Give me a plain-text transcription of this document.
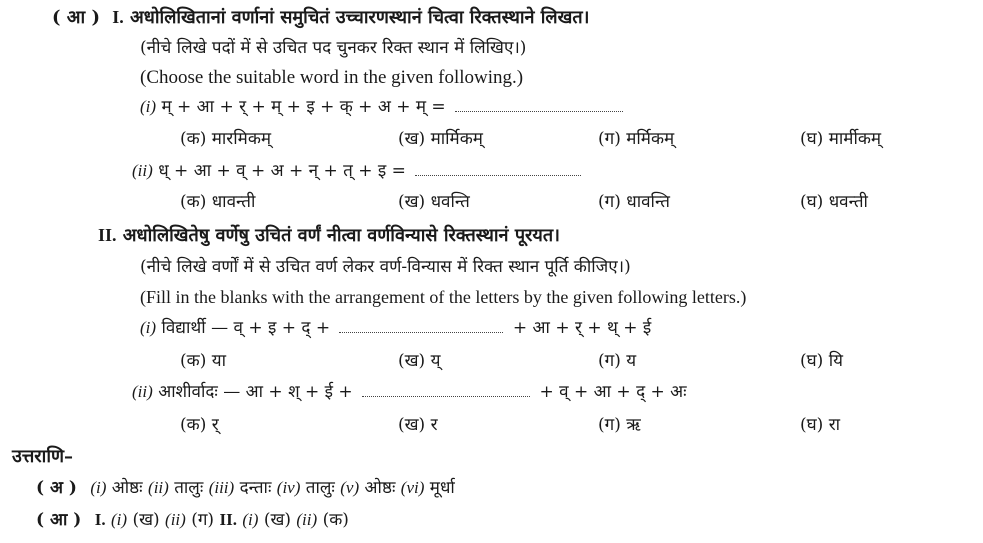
( आ ) I. अधोलिखितानां वर्णानां समुचितं उच्चारणस्थानं चित्वा रिक्तस्थाने लिखत।
(नीचे लिखे पदों में से उचित पद चुनकर रिक्त स्थान में लिखिए।)
(Choose the suitable word in the given following.)
(i) म् + आ + र् + म् + इ + क् + अ + म् =
(क) मारमिकम्	(ख) मार्मिकम्	(ग) मर्मिकम्	(घ) मार्मीकम्
(ii) ध् + आ + व् + अ + न् + त् + इ =
(क) धावन्ती	(ख) धवन्ति	(ग) धावन्ति	(घ) धवन्ती
II. अधोलिखितेषु वर्णेषु उचितं वर्णं नीत्वा वर्णविन्यासे रिक्तस्थानं पूरयत।
(नीचे लिखे वर्णों में से उचित वर्ण लेकर वर्ण-विन्यास में रिक्त स्थान पूर्ति कीजिए।)
(Fill in the blanks with the arrangement of the letters by the given following letters.)
(i) विद्यार्थी — व् + इ + द् +	+ आ + र् + थ् + ई
(क) या	(ख) य्	(ग) य	(घ) यि
(ii) आशीर्वादः — आ + श् + ई +	+ व् + आ + द् + अः
(क) र्	(ख) र	(ग) ऋ	(घ) रा
उत्तराणि–
( अ ) (i) ओष्ठः (ii) तालुः (iii) दन्ताः (iv) तालुः (v) ओष्ठः (vi) मूर्धा
( आ ) I. (i) (ख) (ii) (ग) II. (i) (ख) (ii) (क)
